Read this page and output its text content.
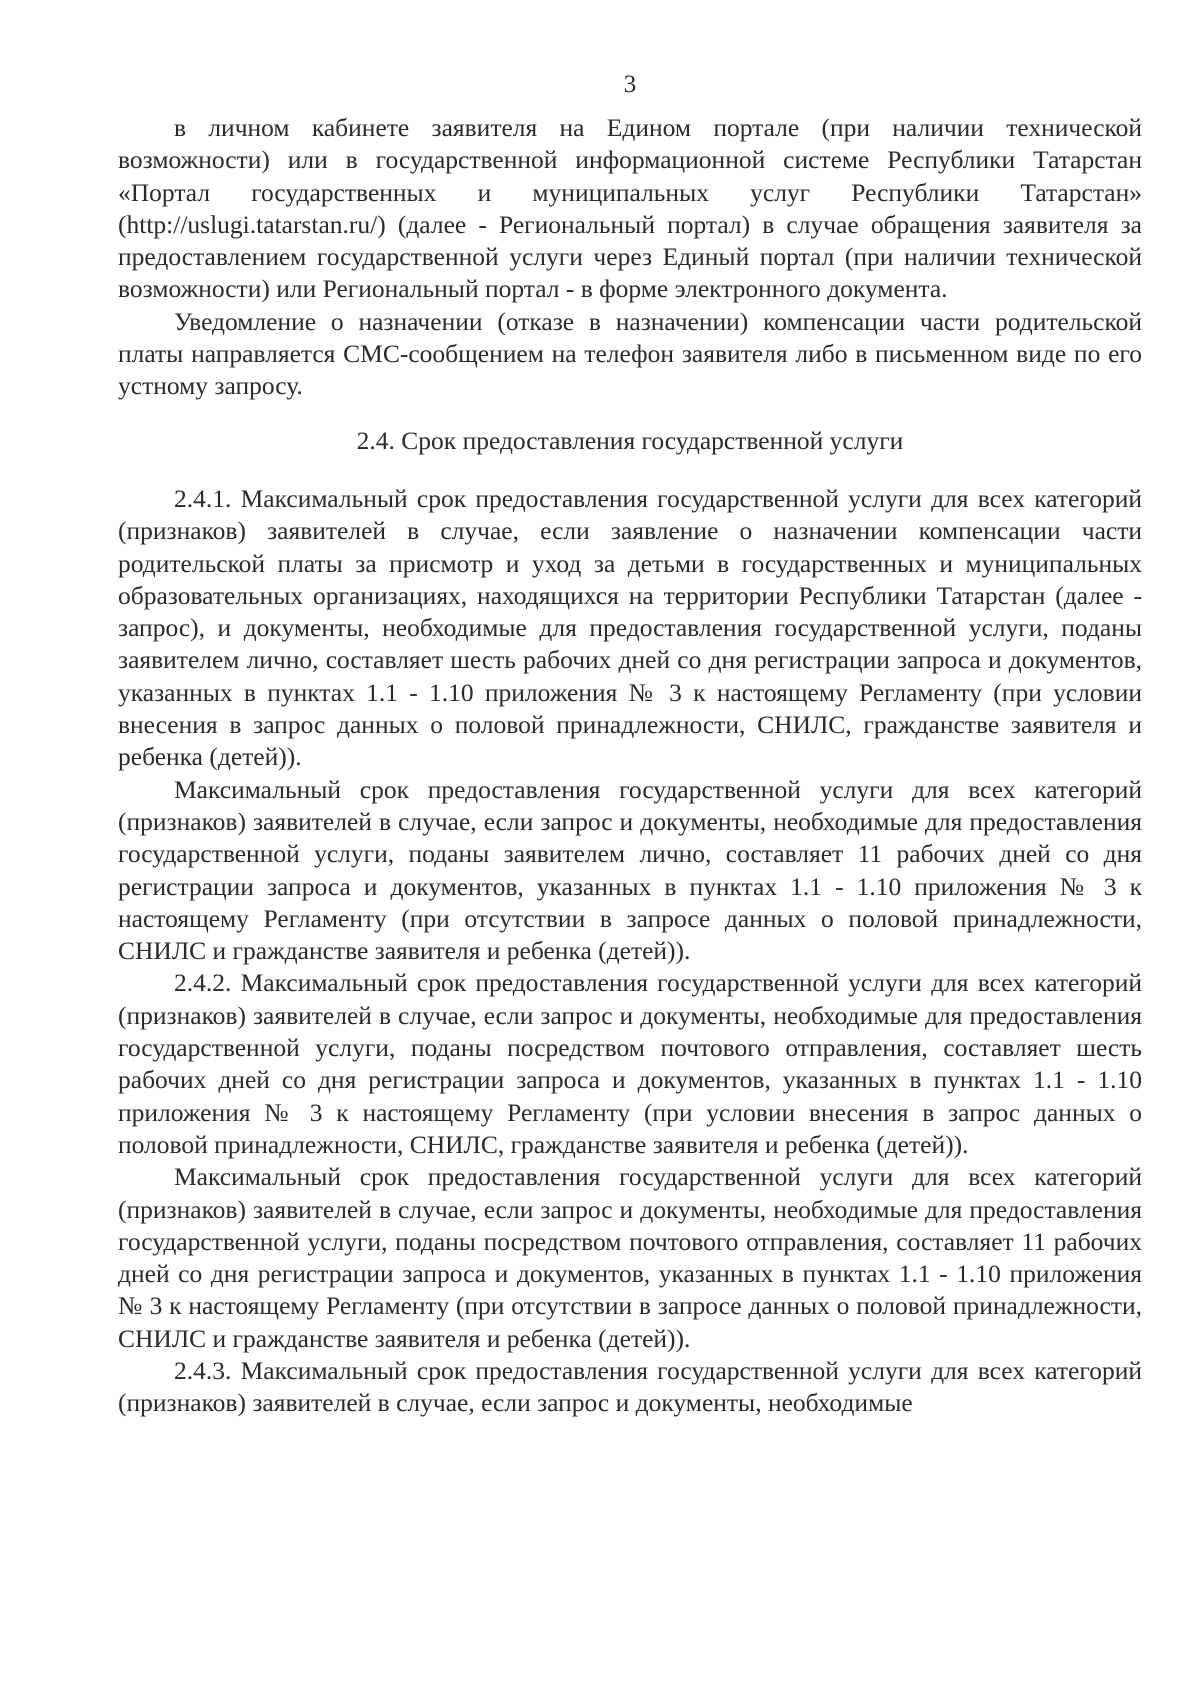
3

в личном кабинете заявителя на Едином портале (при наличии технической возможности) или в государственной информационной системе Республики Татарстан «Портал государственных и муниципальных услуг Республики Татарстан» (http://uslugi.tatarstan.ru/) (далее - Региональный портал) в случае обращения заявителя за предоставлением государственной услуги через Единый портал (при наличии технической возможности) или Региональный портал - в форме электронного документа.

Уведомление о назначении (отказе в назначении) компенсации части родительской платы направляется СМС-сообщением на телефон заявителя либо в письменном виде по его устному запросу.

2.4. Срок предоставления государственной услуги

2.4.1. Максимальный срок предоставления государственной услуги для всех категорий (признаков) заявителей в случае, если заявление о назначении компенсации части родительской платы за присмотр и уход за детьми в государственных и муниципальных образовательных организациях, находящихся на территории Республики Татарстан (далее - запрос), и документы, необходимые для предоставления государственной услуги, поданы заявителем лично, составляет шесть рабочих дней со дня регистрации запроса и документов, указанных в пунктах 1.1 - 1.10 приложения № 3 к настоящему Регламенту (при условии внесения в запрос данных о половой принадлежности, СНИЛС, гражданстве заявителя и ребенка (детей)).

Максимальный срок предоставления государственной услуги для всех категорий (признаков) заявителей в случае, если запрос и документы, необходимые для предоставления государственной услуги, поданы заявителем лично, составляет 11 рабочих дней со дня регистрации запроса и документов, указанных в пунктах 1.1 - 1.10 приложения № 3 к настоящему Регламенту (при отсутствии в запросе данных о половой принадлежности, СНИЛС и гражданстве заявителя и ребенка (детей)).

2.4.2. Максимальный срок предоставления государственной услуги для всех категорий (признаков) заявителей в случае, если запрос и документы, необходимые для предоставления государственной услуги, поданы посредством почтового отправления, составляет шесть рабочих дней со дня регистрации запроса и документов, указанных в пунктах 1.1 - 1.10 приложения № 3 к настоящему Регламенту (при условии внесения в запрос данных о половой принадлежности, СНИЛС, гражданстве заявителя и ребенка (детей)).

Максимальный срок предоставления государственной услуги для всех категорий (признаков) заявителей в случае, если запрос и документы, необходимые для предоставления государственной услуги, поданы посредством почтового отправления, составляет 11 рабочих дней со дня регистрации запроса и документов, указанных в пунктах 1.1 - 1.10 приложения № 3 к настоящему Регламенту (при отсутствии в запросе данных о половой принадлежности, СНИЛС и гражданстве заявителя и ребенка (детей)).

2.4.3. Максимальный срок предоставления государственной услуги для всех категорий (признаков) заявителей в случае, если запрос и документы, необходимые
